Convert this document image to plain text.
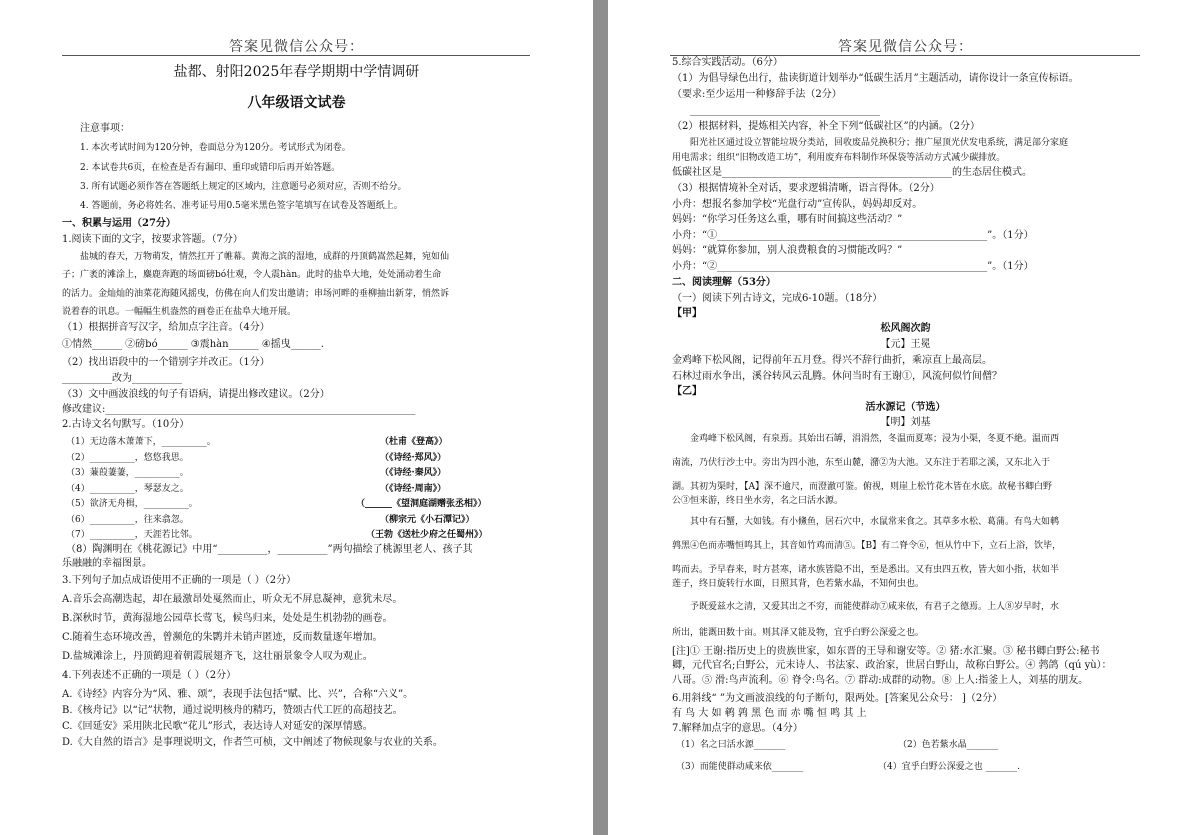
答案见微信公众号：
盐都、射阳2025年春学期期中学情调研
八年级语文试卷
注意事项：
1. 本次考试时间为120分钟，卷面总分为120分。考试形式为闭卷。
2. 本试卷共6页，在检查是否有漏印、重印或错印后再开始答题。
3. 所有试题必须作答在答题纸上规定的区域内，注意题号必须对应，否则不给分。
4. 答题前，务必将姓名、准考证号用0.5毫米黑色签字笔填写在试卷及答题纸上。
一、积累与运用（27分）
1.阅读下面的文字，按要求答题。（7分）
盐城的春天，万物萌发，情然扛开了帷幕。黄海之滨的湿地，成群的丹顶鹤嵩然起舞，宛如仙
子；广袤的滩涂上，麋鹿奔跑的场面磅bó壮观，令人震hàn。此时的盐阜大地，处处涌动着生命
的活力。金灿灿的油菜花海随风摇曳，仿佛在向人们发出邀请；串场河畔的垂柳抽出新芽，悄然诉
说着春的讯息。一幅幅生机盎然的画卷正在盐阜大地开展。
（1）根据拼音写汉字，给加点字注音。（4分）
①情然______ ②磅bó______ ③震hàn______ ④摇曳______.
（2）找出语段中的一个错别字并改正。（1分）
__________改为__________
（3）文中画波浪线的句子有语病，请提出修改建议。（2分）
修改建议:______________________________________________________________
2.古诗文名句默写。（10分）
（1）无边落木萧萧下，__________。	（杜甫《登高》）
（2）__________，悠悠我思。	（《诗经·郑风》）
（3）蒹葭萋萋，__________。	（《诗经·秦风》）
（4）__________，琴瑟友之。	（《诗经·周南》）
（5）欲济无舟楫，__________。	（______《望洞庭湖赠张丞相》）
（6）__________，往来翕忽。	（柳宗元《小石潭记》）
（7）__________，天涯若比邻。	（王勃《送杜少府之任蜀州》）
（8）陶渊明在《桃花源记》中用“__________，__________”两句描绘了桃源里老人、孩子其
乐融融的幸福图景。
3.下列句子加点成语使用不正确的一项是（ ）（2分）
A.音乐会高潮迭起，却在最激昂处戛然而止，听众无不屏息凝神，意犹未尽。
B.深秋时节，黄海湿地公园草长莺飞，候鸟归来，处处是生机勃勃的画卷。
C.随着生态环境改善，曾濒危的朱鹮并未销声匿迹，反而数量逐年增加。
D.盐城滩涂上，丹顶鹤迎着朝霞展翅齐飞，这壮丽景象令人叹为观止。
4.下列表述不正确的一项是（ ）（2分）
A.《诗经》内容分为“风、雅、颂”，表现手法包括“赋、比、兴”，合称“六义”。
B.《核舟记》以“记”状物，通过说明核舟的精巧，赞颂古代工匠的高超技艺。
C.《回延安》采用陕北民歌“花儿”形式，表达诗人对延安的深厚情感。
D.《大自然的语言》是事理说明文，作者竺可桢，文中阐述了物候现象与农业的关系。
答案见微信公众号：
5.综合实践活动。（6分）
（1）为倡导绿色出行，盐读街道计划举办“低碳生活月”主题活动，请你设计一条宣传标语。
（要求:至少运用一种修辞手法（2分）
______________________________________
（2）根据材料，提炼相关内容，补全下列“低碳社区”的内涵。（2分）
阳光社区通过设立智能垃圾分类站，回收废品兑换积分；推广屋顶光伏发电系统，满足部分家庭
用电需求；组织“旧物改造工坊”，利用废弃布料制作环保袋等活动方式减少碳排放。
低碳社区是______________________________________________的生态居住模式。
（3）根据情境补全对话，要求逻辑清晰，语言得体。（2分）
小舟：想报名参加学校“光盘行动”宣传队，妈妈却反对。
妈妈：“你学习任务这么重，哪有时间搞这些活动？”
小舟：“①______________________________________________________”。（1分）
妈妈：“就算你参加，别人浪费粮食的习惯能改吗？”
小舟：“②______________________________________________________”。（1分）
二、阅读理解（53分）
（一）阅读下列古诗文，完成6-10题。（18分）
【甲】
松风阁次韵
【元】王冕
金鸡峰下松风阁，记得前年五月登。得兴不辞行曲折，乘凉直上最高层。
石林过雨水争出，溪谷转风云乱腾。休问当时有王谢①，风流何似竹间僧？
【乙】
活水源记（节选）
【明】刘基
金鸡峰下松风阁，有泉焉。其始出石罅，涓涓然，冬温而夏寒；浸为小渠，冬夏不絶。温而西
南流，乃伏行沙土中。旁出为四小池，东至山麓，潴②为大池。又东注于若耶之溪，又东北入于
湖。其初为渠时，【A】深不逾尺，而澄澈可鉴。俯视，则崖上松竹花木皆在水底。故秘书卿白野
公③恒来游，终日坐水旁，名之曰活水源。
其中有石蟹，大如钱。有小鯈鱼，居石穴中，水鼠常来食之。其草多水松、葛蒲。有鸟大如鹌
鹑黑④色而赤嘴恒鸣其上，其音如竹鸡而清⑤。【B】有二脊令⑥，恒从竹中下，立石上浴，饮毕，
鸣而去。予早春来，时方甚寒，诸水族皆隐不出，至是悉出。又有虫四五枚，皆大如小指，状如半
莲子，终日旋转行水面，日照其背，色若紫水晶，不知何虫也。
予既爱兹水之清，又爱其出之不穷，而能使群动⑦咸来依，有君子之德焉。上人⑧岁早时，水
所出，能溉田数十亩。则其泽又能及物，宜乎白野公深爱之也。
[注]① 王谢:指历史上的贵族世家，如东晋的王导和谢安等。② 猪:水汇聚。③ 秘书卿白野公:秘书
卿，元代官名;白野公，元末诗人、书法家、政治家，世居白野山，故称白野公。④ 鹁鸽（qú yù）：
八哥。⑤ 滑:鸟声流利。⑥ 脊令:鸟名。⑦ 群动:成群的动物。⑧ 上人:指釜上人，刘基的朋友。
6.用斜线“ ”为文画波浪线的句子断句，限两处。[答案见公众号： ]（2分）
有 鸟 大 如 鹌 鹑 黑 色 而 赤 嘴 恒 鸣 其 上
7.解释加点字的意思。（4分）
（1）名之曰活水源_______	（2）色若紫水晶_______
（3）而能使群动咸来依_______	（4）宜乎白野公深爱之也 _______.
